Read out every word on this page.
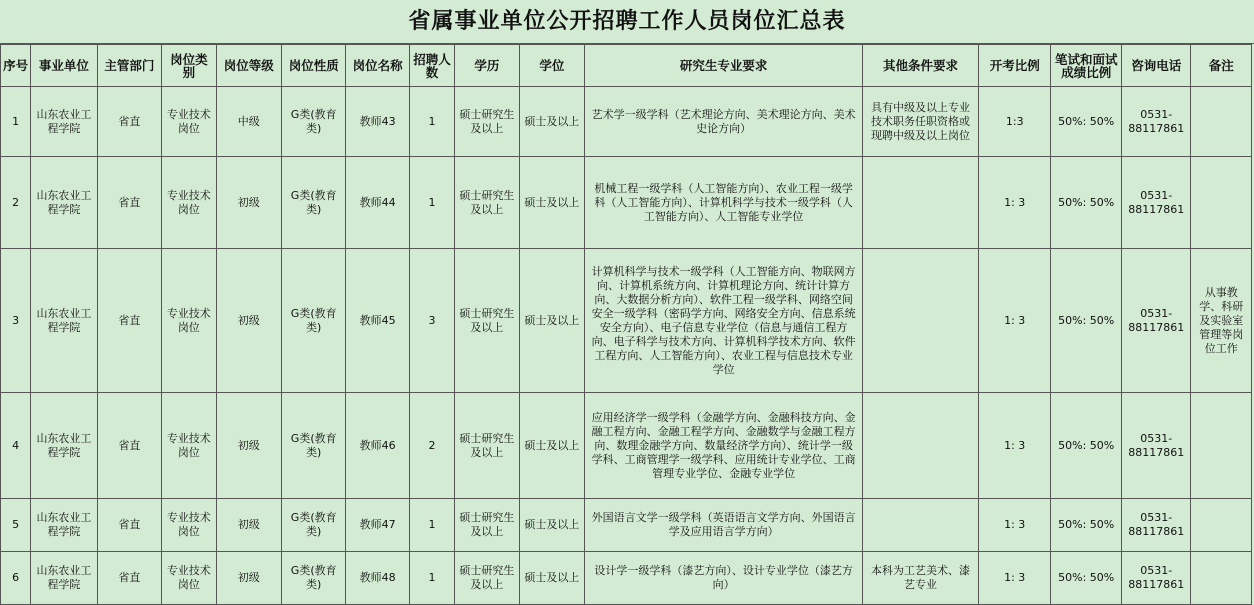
省属事业单位公开招聘工作人员岗位汇总表
序号	事业单位	主管部门	岗位类别	岗位等级	岗位性质	岗位名称	招聘人数	学历	学位	研究生专业要求	其他条件要求	开考比例	笔试和面试成绩比例	咨询电话	备注
1	山东农业工程学院	省直	专业技术岗位	中级	G类(教育类)	教师43	1	硕士研究生及以上	硕士及以上	艺术学一级学科（艺术理论方向、美术理论方向、美术史论方向）	具有中级及以上专业技术职务任职资格或现聘中级及以上岗位	1:3	50%: 50%	0531-88117861	
2	山东农业工程学院	省直	专业技术岗位	初级	G类(教育类)	教师44	1	硕士研究生及以上	硕士及以上	机械工程一级学科（人工智能方向）、农业工程一级学科（人工智能方向）、计算机科学与技术一级学科（人工智能方向）、人工智能专业学位		1: 3	50%: 50%	0531-88117861	
3	山东农业工程学院	省直	专业技术岗位	初级	G类(教育类)	教师45	3	硕士研究生及以上	硕士及以上	计算机科学与技术一级学科（人工智能方向、物联网方向、计算机系统方向、计算机理论方向、统计计算方向、大数据分析方向）、软件工程一级学科、网络空间安全一级学科（密码学方向、网络安全方向、信息系统安全方向）、电子信息专业学位（信息与通信工程方向、电子科学与技术方向、计算机科学技术方向、软件工程方向、人工智能方向）、农业工程与信息技术专业学位		1: 3	50%: 50%	0531-88117861	从事教学、科研及实验室管理等岗位工作
4	山东农业工程学院	省直	专业技术岗位	初级	G类(教育类)	教师46	2	硕士研究生及以上	硕士及以上	应用经济学一级学科（金融学方向、金融科技方向、金融工程方向、金融工程学方向、金融数学与金融工程方向、数理金融学方向、数量经济学方向）、统计学一级学科、工商管理学一级学科、应用统计专业学位、工商管理专业学位、金融专业学位		1: 3	50%: 50%	0531-88117861	
5	山东农业工程学院	省直	专业技术岗位	初级	G类(教育类)	教师47	1	硕士研究生及以上	硕士及以上	外国语言文学一级学科（英语语言文学方向、外国语言学及应用语言学方向）		1: 3	50%: 50%	0531-88117861	
6	山东农业工程学院	省直	专业技术岗位	初级	G类(教育类)	教师48	1	硕士研究生及以上	硕士及以上	设计学一级学科（漆艺方向）、设计专业学位（漆艺方向）	本科为工艺美术、漆艺专业	1: 3	50%: 50%	0531-88117861	
